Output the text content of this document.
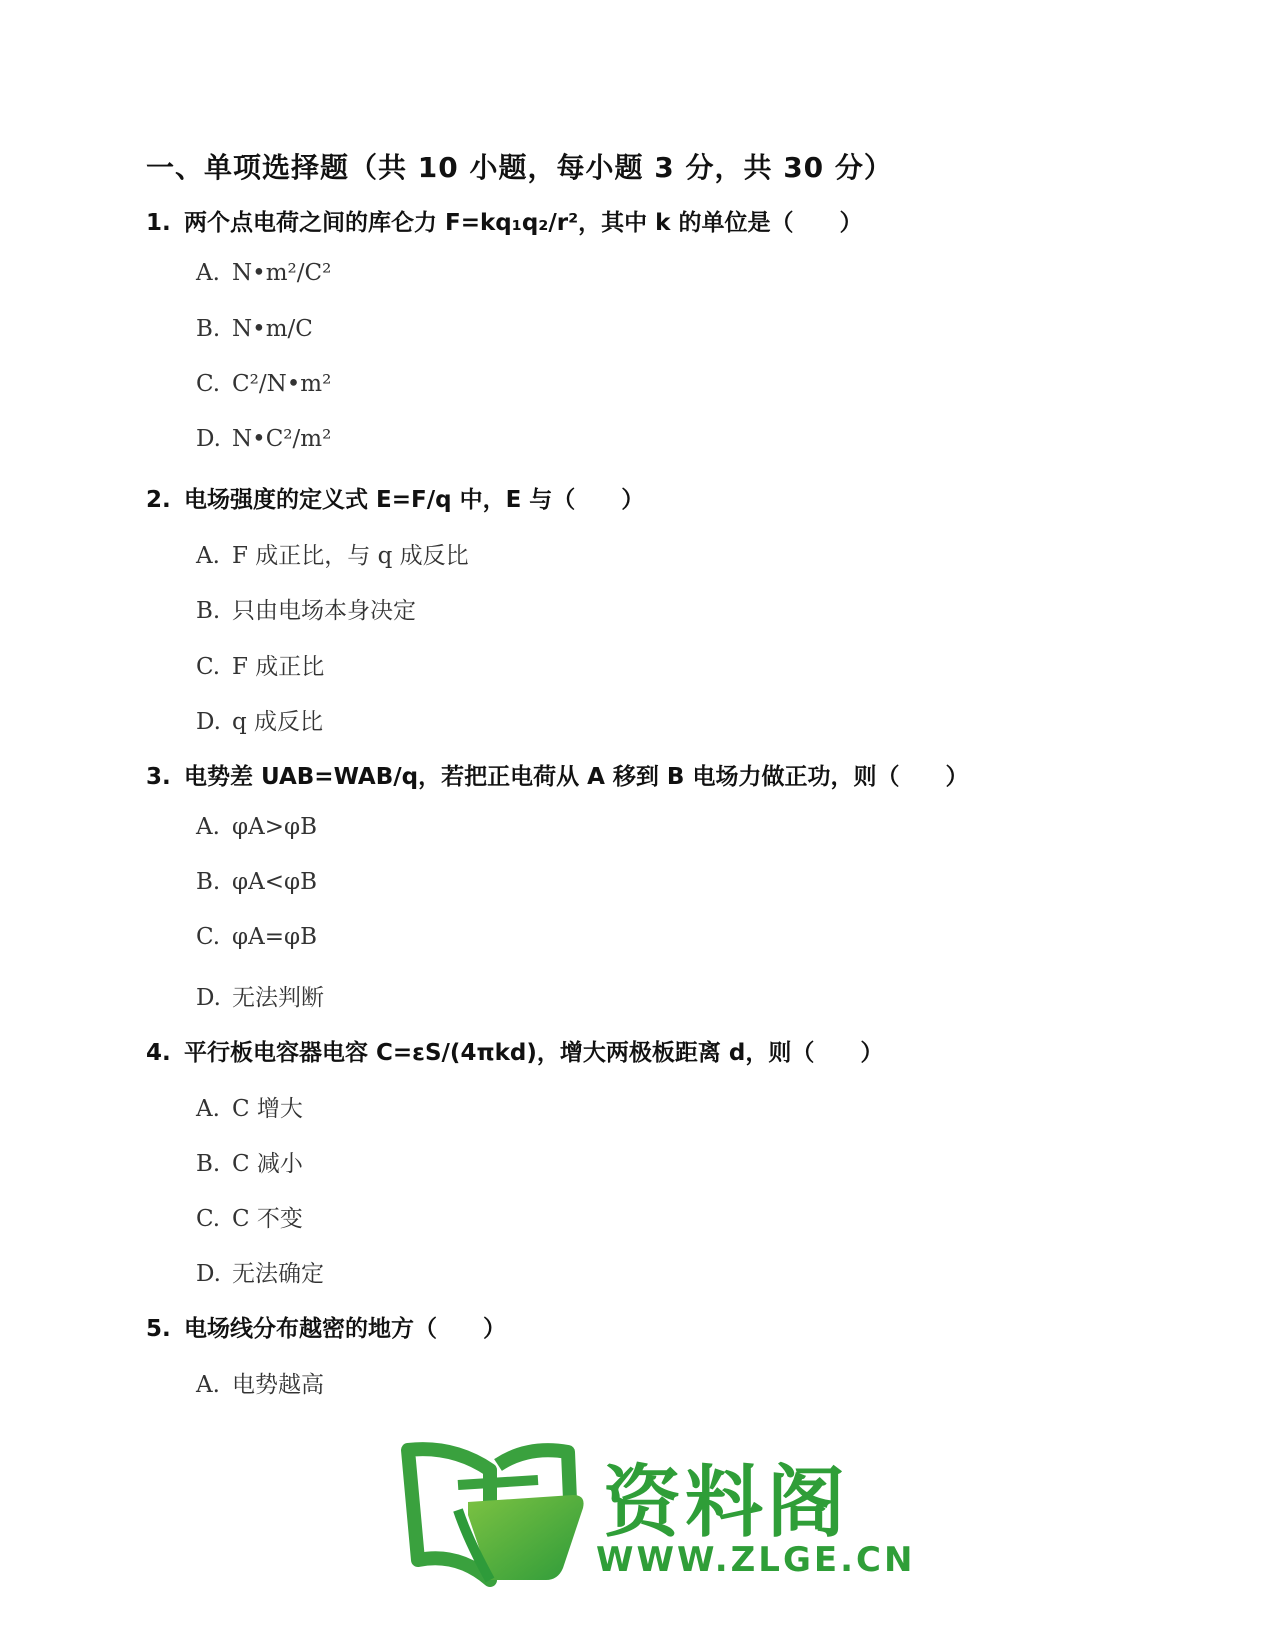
一、单项选择题（共 10 小题，每小题 3 分，共 30 分）
1. 两个点电荷之间的库仑力 F=kq₁q₂/r²，其中 k 的单位是（　　）
A. N•m²/C²
B. N•m/C
C. C²/N•m²
D. N•C²/m²
2. 电场强度的定义式 E=F/q 中，E 与（　　）
A. F 成正比，与 q 成反比
B. 只由电场本身决定
C. F 成正比
D. q 成反比
3. 电势差 UAB=WAB/q，若把正电荷从 A 移到 B 电场力做正功，则（　　）
A. φA>φB
B. φA<φB
C. φA=φB
D. 无法判断
4. 平行板电容器电容 C=εS/(4πkd)，增大两极板距离 d，则（　　）
A. C 增大
B. C 减小
C. C 不变
D. 无法确定
5. 电场线分布越密的地方（　　）
A. 电势越高
资料阁
WWW.ZLGE.CN
